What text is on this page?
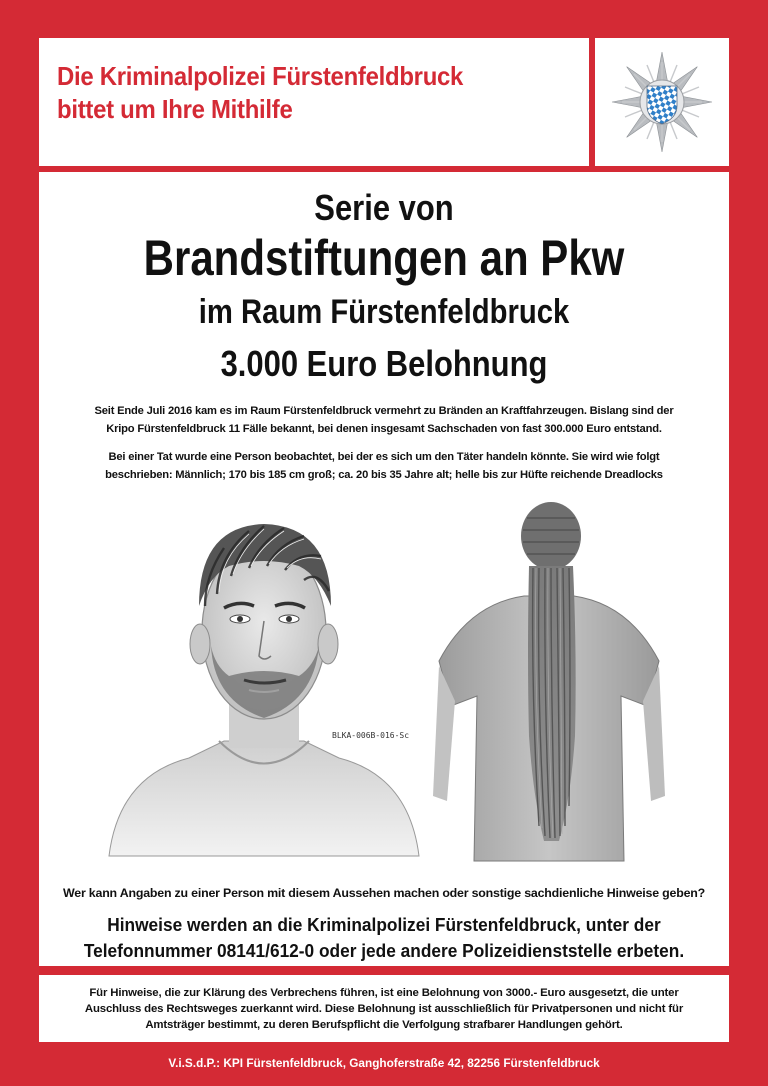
Die Kriminalpolizei Fürstenfeldbruck
bittet um Ihre Mithilfe
Serie von
Brandstiftungen an Pkw
im Raum Fürstenfeldbruck
3.000 Euro Belohnung

Seit Ende Juli 2016 kam es im Raum Fürstenfeldbruck vermehrt zu Bränden an Kraftfahrzeugen. Bislang sind der
Kripo Fürstenfeldbruck 11 Fälle bekannt, bei denen insgesamt Sachschaden von fast 300.000 Euro entstand.

Bei einer Tat wurde eine Person beobachtet, bei der es sich um den Täter handeln könnte. Sie wird wie folgt
beschrieben: Männlich; 170 bis 185 cm groß; ca. 20 bis 35 Jahre alt; helle bis zur Hüfte reichende Dreadlocks

BLKA-006B-016-Sc

Wer kann Angaben zu einer Person mit diesem Aussehen machen oder sonstige sachdienliche Hinweise geben?

Hinweise werden an die Kriminalpolizei Fürstenfeldbruck, unter der
Telefonnummer 08141/612-0 oder jede andere Polizeidienststelle erbeten.

Für Hinweise, die zur Klärung des Verbrechens führen, ist eine Belohnung von 3000.- Euro ausgesetzt, die unter
Auschluss des Rechtsweges zuerkannt wird. Diese Belohnung ist ausschließlich für Privatpersonen und nicht für
Amtsträger bestimmt, zu deren Berufspflicht die Verfolgung strafbarer Handlungen gehört.

V.i.S.d.P.: KPI Fürstenfeldbruck, Ganghoferstraße 42, 82256 Fürstenfeldbruck
